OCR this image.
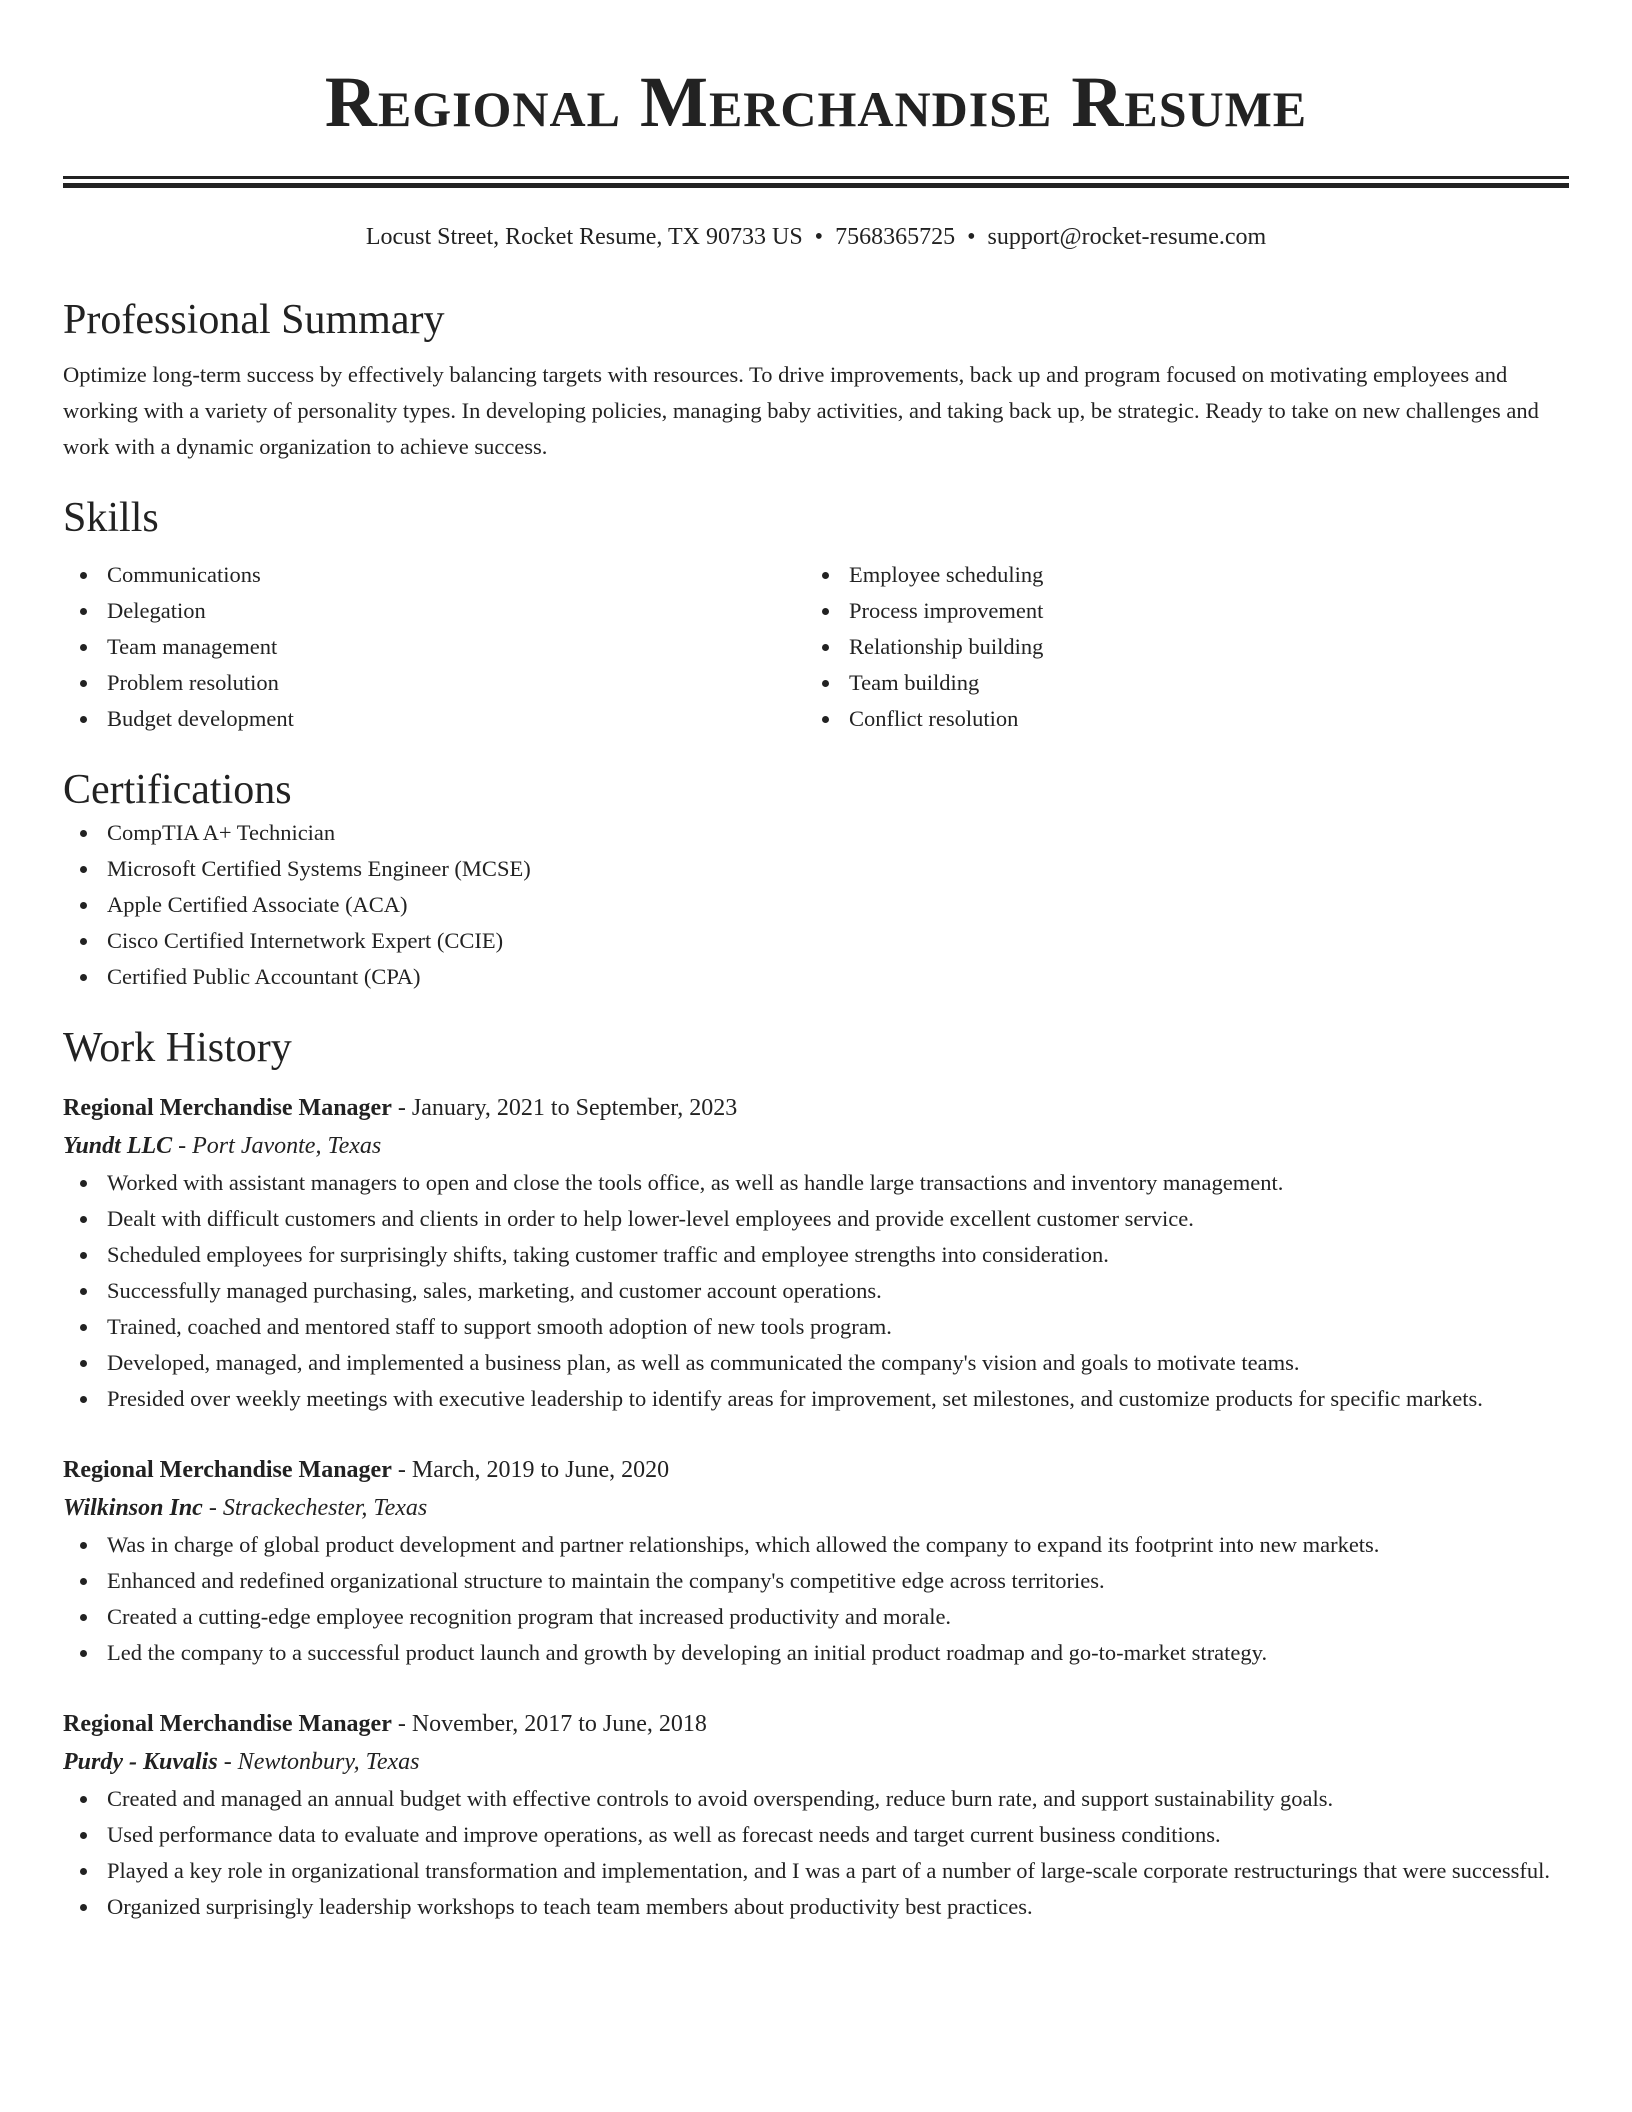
Regional Merchandise Resume
Locust Street, Rocket Resume, TX 90733 US • 7568365725 • support@rocket-resume.com
Professional Summary
Optimize long-term success by effectively balancing targets with resources. To drive improvements, back up and program focused on motivating employees and working with a variety of personality types. In developing policies, managing baby activities, and taking back up, be strategic. Ready to take on new challenges and work with a dynamic organization to achieve success.
Skills
Communications
Delegation
Team management
Problem resolution
Budget development
Employee scheduling
Process improvement
Relationship building
Team building
Conflict resolution
Certifications
CompTIA A+ Technician
Microsoft Certified Systems Engineer (MCSE)
Apple Certified Associate (ACA)
Cisco Certified Internetwork Expert (CCIE)
Certified Public Accountant (CPA)
Work History
Regional Merchandise Manager - January, 2021 to September, 2023
Yundt LLC - Port Javonte, Texas
Worked with assistant managers to open and close the tools office, as well as handle large transactions and inventory management.
Dealt with difficult customers and clients in order to help lower-level employees and provide excellent customer service.
Scheduled employees for surprisingly shifts, taking customer traffic and employee strengths into consideration.
Successfully managed purchasing, sales, marketing, and customer account operations.
Trained, coached and mentored staff to support smooth adoption of new tools program.
Developed, managed, and implemented a business plan, as well as communicated the company's vision and goals to motivate teams.
Presided over weekly meetings with executive leadership to identify areas for improvement, set milestones, and customize products for specific markets.
Regional Merchandise Manager - March, 2019 to June, 2020
Wilkinson Inc - Strackechester, Texas
Was in charge of global product development and partner relationships, which allowed the company to expand its footprint into new markets.
Enhanced and redefined organizational structure to maintain the company's competitive edge across territories.
Created a cutting-edge employee recognition program that increased productivity and morale.
Led the company to a successful product launch and growth by developing an initial product roadmap and go-to-market strategy.
Regional Merchandise Manager - November, 2017 to June, 2018
Purdy - Kuvalis - Newtonbury, Texas
Created and managed an annual budget with effective controls to avoid overspending, reduce burn rate, and support sustainability goals.
Used performance data to evaluate and improve operations, as well as forecast needs and target current business conditions.
Played a key role in organizational transformation and implementation, and I was a part of a number of large-scale corporate restructurings that were successful.
Organized surprisingly leadership workshops to teach team members about productivity best practices.
